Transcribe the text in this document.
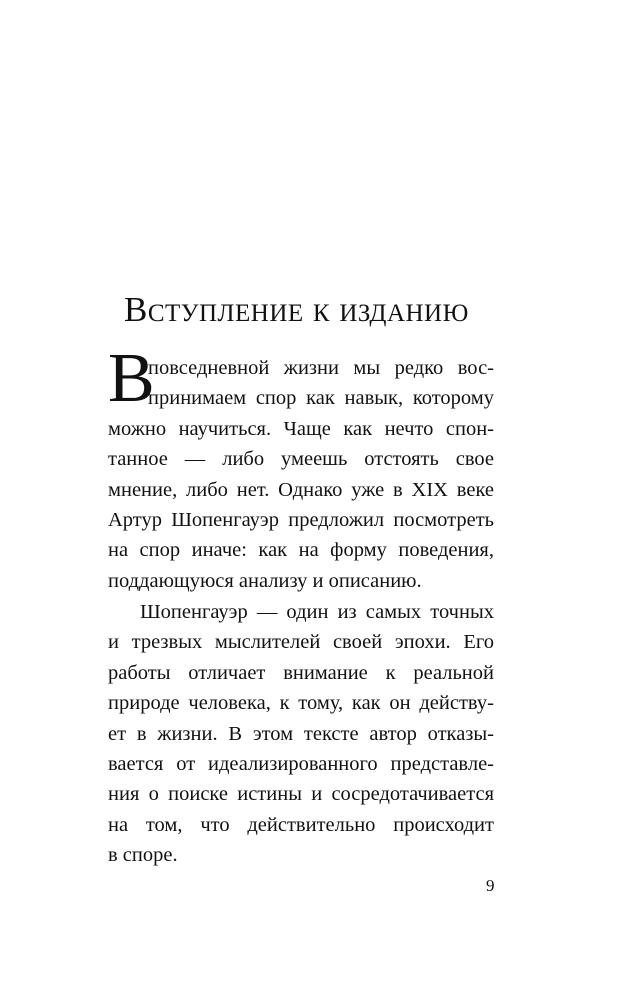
Вступление к изданию
В
повседневной жизни мы редко вос-
принимаем спор как навык, которому
можно научиться. Чаще как нечто спон-
танное — либо умеешь отстоять свое
мнение, либо нет. Однако уже в XIX веке
Артур Шопенгауэр предложил посмотреть
на спор иначе: как на форму поведения,
поддающуюся анализу и описанию.
Шопенгауэр — один из самых точных
и трезвых мыслителей своей эпохи. Его
работы отличает внимание к реальной
природе человека, к тому, как он действу-
ет в жизни. В этом тексте автор отказы-
вается от идеализированного представле-
ния о поиске истины и сосредотачивается
на том, что действительно происходит
в споре.
9
